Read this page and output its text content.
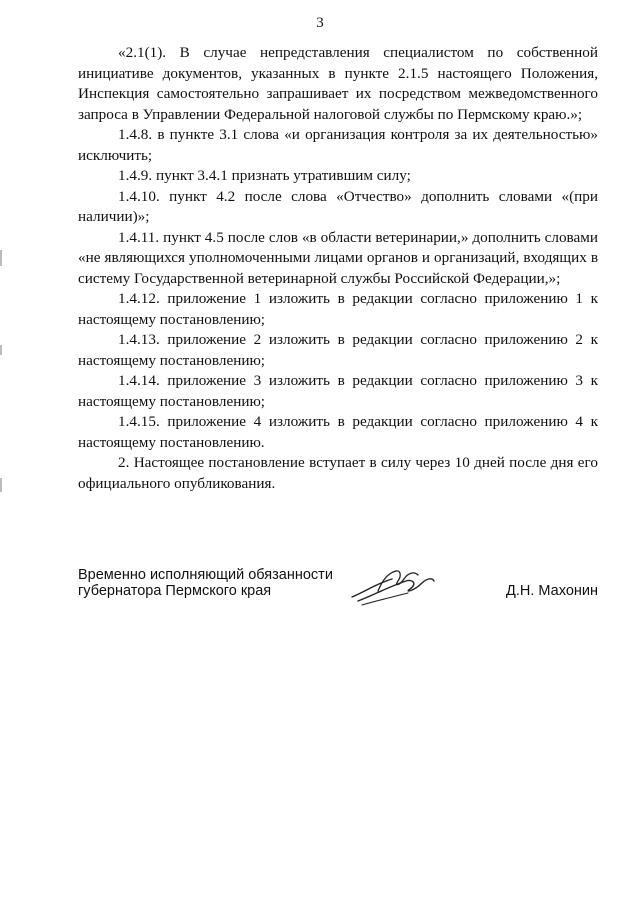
3

«2.1(1). В случае непредставления специалистом по собственной инициативе документов, указанных в пункте 2.1.5 настоящего Положения, Инспекция самостоятельно запрашивает их посредством межведомственного запроса в Управлении Федеральной налоговой службы по Пермскому краю.»;

1.4.8. в пункте 3.1 слова «и организация контроля за их деятельностью» исключить;

1.4.9. пункт 3.4.1 признать утратившим силу;

1.4.10. пункт 4.2 после слова «Отчество» дополнить словами «(при наличии)»;

1.4.11. пункт 4.5 после слов «в области ветеринарии,» дополнить словами «не являющихся уполномоченными лицами органов и организаций, входящих в систему Государственной ветеринарной службы Российской Федерации,»;

1.4.12. приложение 1 изложить в редакции согласно приложению 1 к настоящему постановлению;

1.4.13. приложение 2 изложить в редакции согласно приложению 2 к настоящему постановлению;

1.4.14. приложение 3 изложить в редакции согласно приложению 3 к настоящему постановлению;

1.4.15. приложение 4 изложить в редакции согласно приложению 4 к настоящему постановлению.

2. Настоящее постановление вступает в силу через 10 дней после дня его официального опубликования.

Временно исполняющий обязанности
губернатора Пермского края	Д.Н. Махонин
